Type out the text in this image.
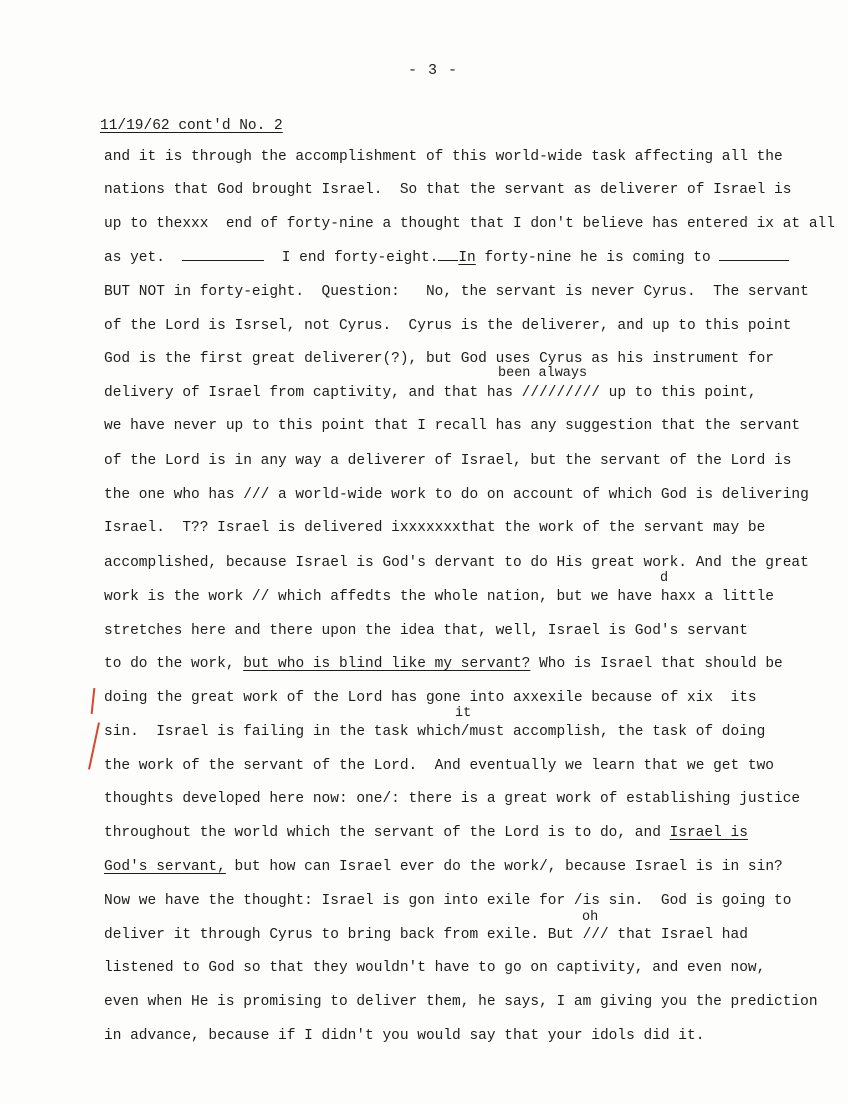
- 3 -
11/19/62 cont'd No. 2
and it is through the accomplishment of this world-wide task affecting all the
nations that God brought Israel.  So that the servant as deliverer of Israel is
up to thexxx  end of forty-nine a thought that I don't believe has entered ix at all
as yet.	I end forty-eight. In forty-nine he is coming to
BUT NOT in forty-eight.  Question:   No, the servant is never Cyrus.  The servant
of the Lord is Isrsel, not Cyrus.  Cyrus is the deliverer, and up to this point
God is the first great deliverer(?), but God uses Cyrus as his instrument for
been always
delivery of Israel from captivity, and that has ///////// up to this point,
we have never up to this point that I recall has any suggestion that the servant
of the Lord is in any way a deliverer of Israel, but the servant of the Lord is
the one who has /// a world-wide work to do on account of which God is delivering
Israel.  T?? Israel is delivered ixxxxxxxthat the work of the servant may be
accomplished, because Israel is God's dervant to do His great work. And the great
d
work is the work // which affedts the whole nation, but we have haxx a little
stretches here and there upon the idea that, well, Israel is God's servant
to do the work, but who is blind like my servant? Who is Israel that should be
doing the great work of the Lord has gone into axxexile because of xix  its
it
sin.  Israel is failing in the task which/must accomplish, the task of doing
the work of the servant of the Lord.  And eventually we learn that we get two
thoughts developed here now: one/: there is a great work of establishing justice
throughout the world which the servant of the Lord is to do, and Israel is
God's servant, but how can Israel ever do the work/, because Israel is in sin?
Now we have the thought: Israel is gon into exile for /is sin.  God is going to
oh
deliver it through Cyrus to bring back from exile. But /// that Israel had
listened to God so that they wouldn't have to go on captivity, and even now,
even when He is promising to deliver them, he says, I am giving you the prediction
in advance, because if I didn't you would say that your idols did it.
